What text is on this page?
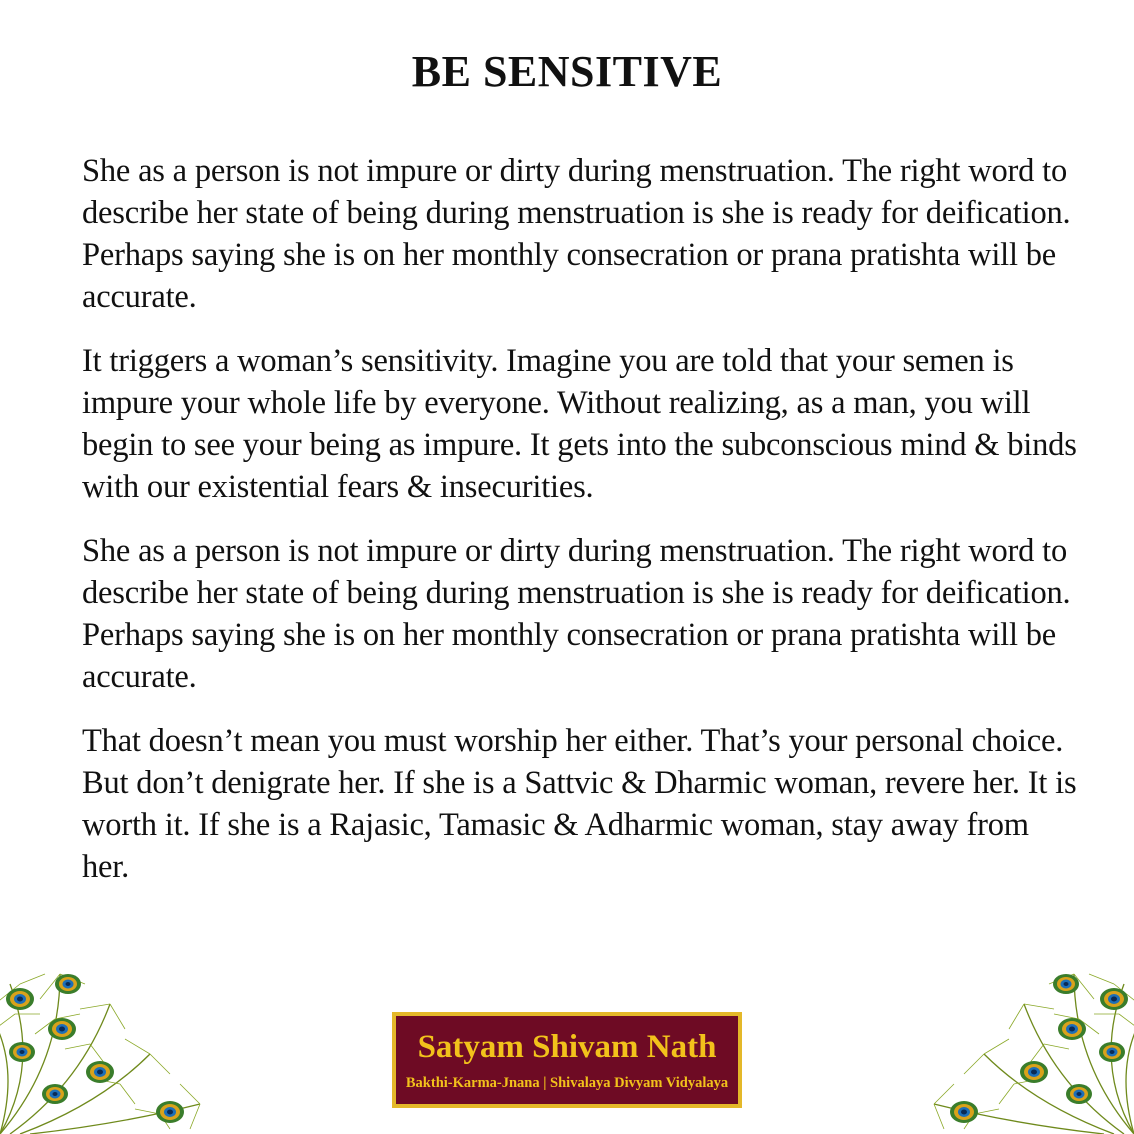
BE SENSITIVE

She as a person is not impure or dirty during menstruation. The right word to describe her state of being during menstruation is she is ready for deification. Perhaps saying she is on her monthly consecration or prana pratishta will be accurate.

It triggers a woman’s sensitivity. Imagine you are told that your semen is impure your whole life by everyone. Without realizing, as a man, you will begin to see your being as impure. It gets into the subconscious mind & binds with our existential fears & insecurities.

She as a person is not impure or dirty during menstruation. The right word to describe her state of being during menstruation is she is ready for deification. Perhaps saying she is on her monthly consecration or prana pratishta will be accurate.

That doesn’t mean you must worship her either. That’s your personal choice. But don’t denigrate her. If she is a Sattvic & Dharmic woman, revere her. It is worth it. If she is a Rajasic, Tamasic & Adharmic woman, stay away from her.

Satyam Shivam Nath
Bakthi-Karma-Jnana | Shivalaya Divyam Vidyalaya
